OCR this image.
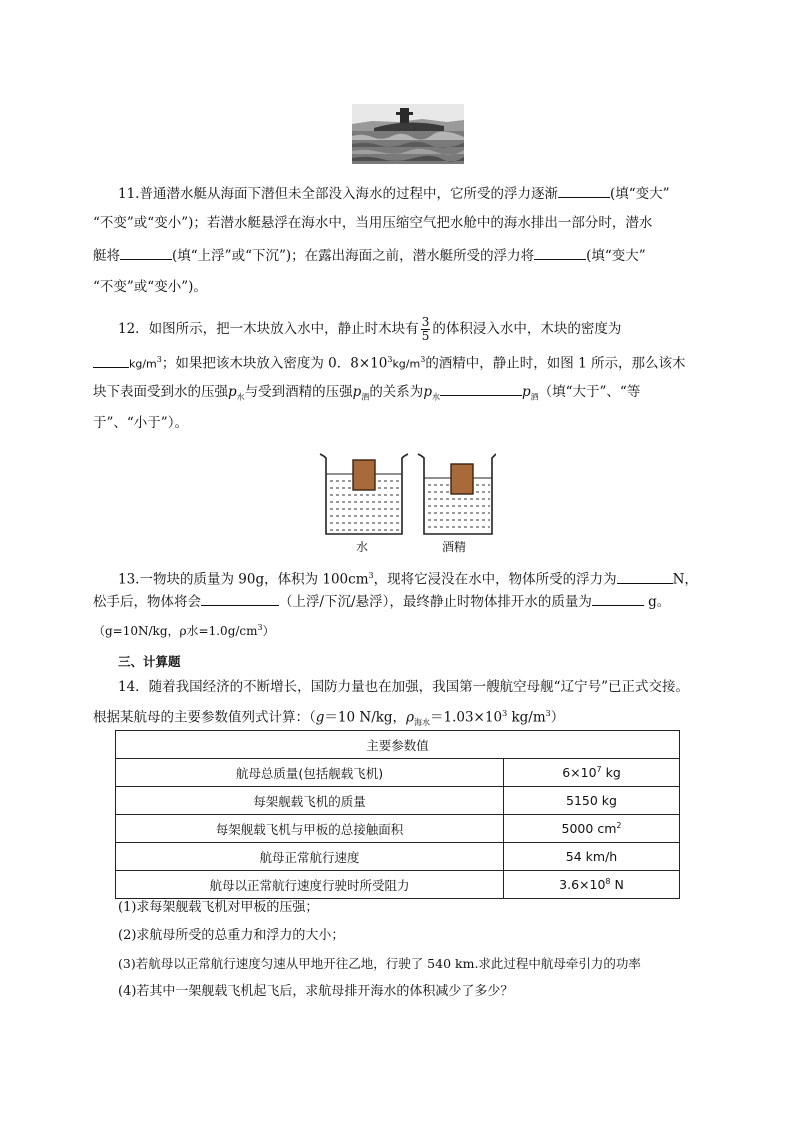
11.普通潜水艇从海面下潜但未全部没入海水的过程中，它所受的浮力逐渐	(填“变大”
“不变”或“变小”)；若潜水艇悬浮在海水中，当用压缩空气把水舱中的海水排出一部分时，潜水
艇将	(填“上浮”或“下沉”)；在露出海面之前，潜水艇所受的浮力将	(填“变大”
“不变”或“变小”)。
12．如图所示，把一木块放入水中，静止时木块有 $\frac{3}{5}$ 的体积浸入水中，木块的密度为
$kg/m^3$；如果把该木块放入密度为 0．$8\times 10^3kg/m^3$的酒精中，静止时，如图 1 所示，那么该木
块下表面受到水的压强$p_水$与受到酒精的压强$p_酒$的关系为$p_水$	$p_酒$（填“大于”、“等
于”、“小于”）。
水	酒精
13.一物块的质量为 90g，体积为 $100cm^3$，现将它浸没在水中，物体所受的浮力为	N，
松手后，物体将会	（上浮/下沉/悬浮），最终静止时物体排开水的质量为	g。
（g=10N/kg，ρ水$=1.0g/cm^3$）
三、计算题
14．随着我国经济的不断增长，国防力量也在加强，我国第一艘航空母舰“辽宁号”已正式交接。
根据某航母的主要参数值列式计算：（g＝10 N/kg，$\rho_{海水}=1.03\times 10^3$ $kg/m^3$）
主要参数值	
航母总质量(包括舰载飞机)	$6\times 10^7$ kg
每架舰载飞机的质量	5150 kg
每架舰载飞机与甲板的总接触面积	5000 $cm^2$
航母正常航行速度	54 km/h
航母以正常航行速度行驶时所受阻力	$3.6\times 10^8$ N
(1)求每架舰载飞机对甲板的压强；
(2)求航母所受的总重力和浮力的大小；
(3)若航母以正常航行速度匀速从甲地开往乙地，行驶了 540 km.求此过程中航母牵引力的功率
(4)若其中一架舰载飞机起飞后，求航母排开海水的体积减少了多少？
